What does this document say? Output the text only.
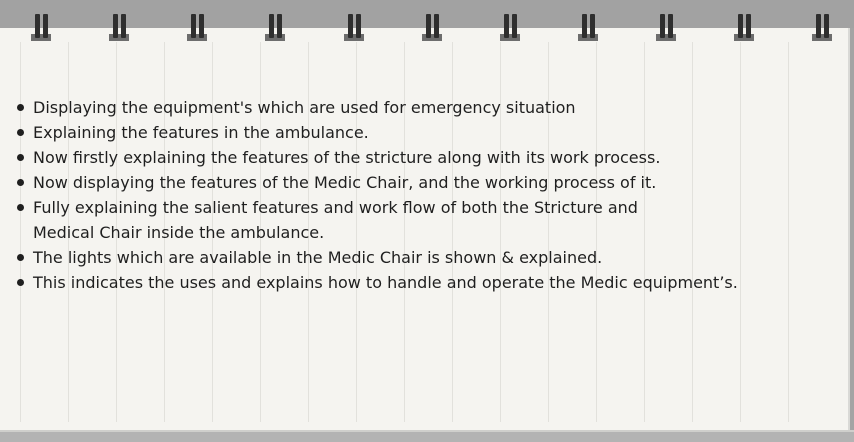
Displaying the equipment's which are used for emergency situation
Explaining the features in the ambulance.
Now firstly explaining the features of the stricture along with its work process.
Now displaying the features of the Medic Chair, and the working process of it.
Fully explaining the salient features and work flow of both the Stricture and
Medical Chair inside the ambulance.
The lights which are available in the Medic Chair is shown & explained.
This indicates the uses and explains how to handle and operate the Medic equipment’s.
